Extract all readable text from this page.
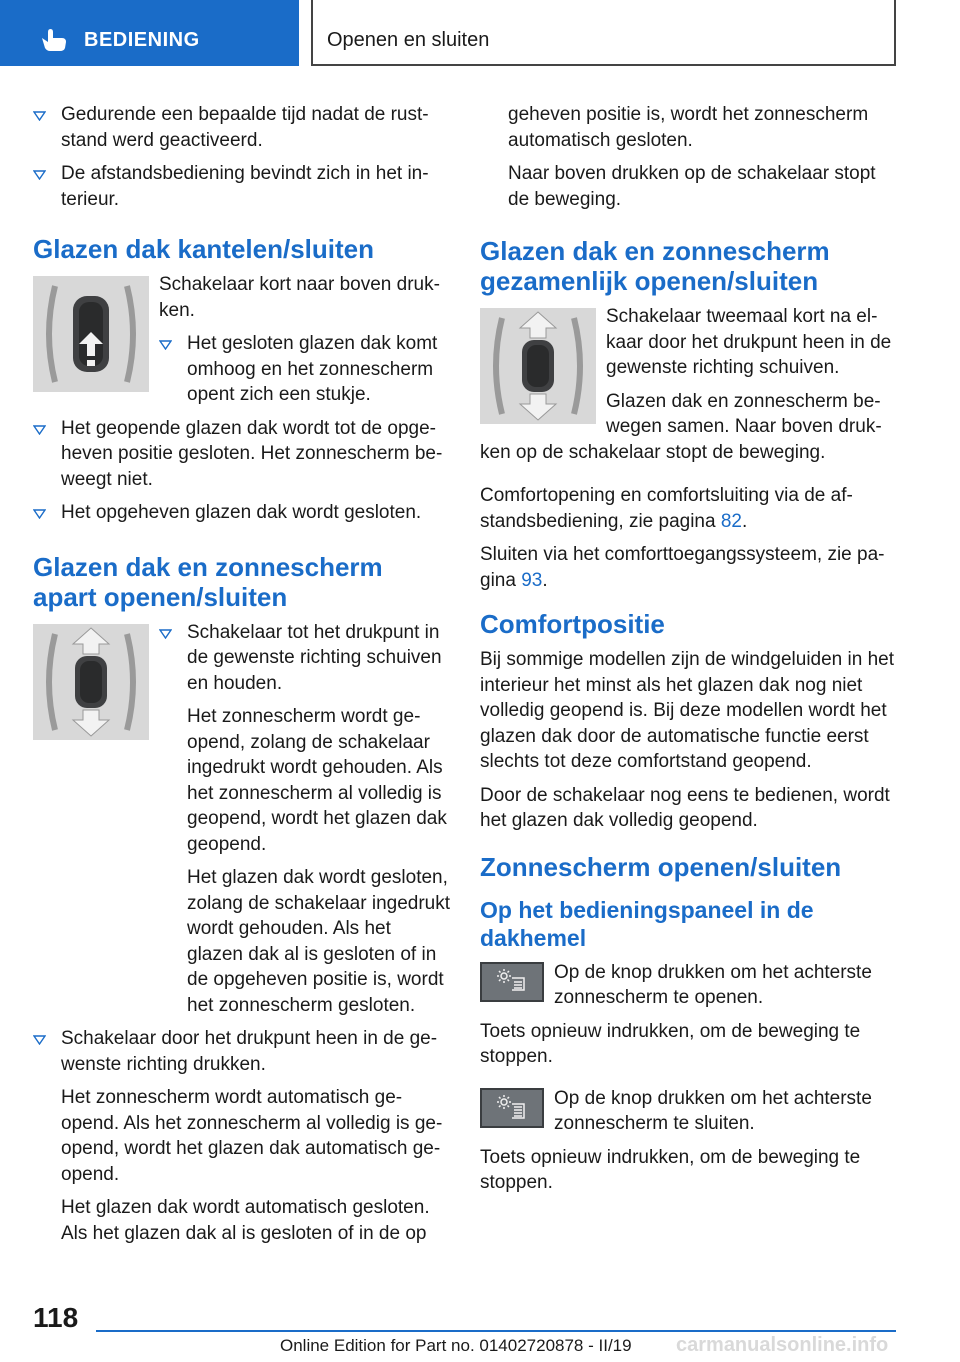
BEDIENING	Openen en sluiten

Gedurende een bepaalde tijd nadat de ruststand werd geactiveerd.

De afstandsbediening bevindt zich in het interieur.

Glazen dak kantelen/sluiten

Schakelaar kort naar boven drukken.

Het gesloten glazen dak komt omhoog en het zonnescherm opent zich een stukje.

Het geopende glazen dak wordt tot de opgeheven positie gesloten. Het zonnescherm beweegt niet.

Het opgeheven glazen dak wordt gesloten.

Glazen dak en zonnescherm apart openen/sluiten

Schakelaar tot het drukpunt in de gewenste richting schuiven en houden.

Het zonnescherm wordt geopend, zolang de schakelaar ingedrukt wordt gehouden. Als het zonnescherm al volledig is geopend, wordt het glazen dak geopend.

Het glazen dak wordt gesloten, zolang de schakelaar ingedrukt wordt gehouden. Als het glazen dak al is gesloten of in de opgeheven positie is, wordt het zonnescherm gesloten.

Schakelaar door het drukpunt heen in de gewenste richting drukken.

Het zonnescherm wordt automatisch geopend. Als het zonnescherm al volledig is geopend, wordt het glazen dak automatisch geopend.

Het glazen dak wordt automatisch gesloten. Als het glazen dak al is gesloten of in de op

geheven positie is, wordt het zonnescherm automatisch gesloten.

Naar boven drukken op de schakelaar stopt de beweging.

Glazen dak en zonnescherm gezamenlijk openen/sluiten

Schakelaar tweemaal kort na elkaar door het drukpunt heen in de gewenste richting schuiven.

Glazen dak en zonnescherm bewegen samen. Naar boven drukken op de schakelaar stopt de beweging.

Comfortopening en comfortsluiting via de afstandsbediening, zie pagina 82.

Sluiten via het comforttoegangssysteem, zie pagina 93.

Comfortpositie

Bij sommige modellen zijn de windgeluiden in het interieur het minst als het glazen dak nog niet volledig geopend is. Bij deze modellen wordt het glazen dak door de automatische functie eerst slechts tot deze comfortstand geopend.

Door de schakelaar nog eens te bedienen, wordt het glazen dak volledig geopend.

Zonnescherm openen/sluiten
Op het bedieningspaneel in de dakhemel

Op de knop drukken om het achterste zonnescherm te openen.

Toets opnieuw indrukken, om de beweging te stoppen.

Op de knop drukken om het achterste zonnescherm te sluiten.

Toets opnieuw indrukken, om de beweging te stoppen.

118
Online Edition for Part no. 01402720878 - II/19 carmanualsonline.info
